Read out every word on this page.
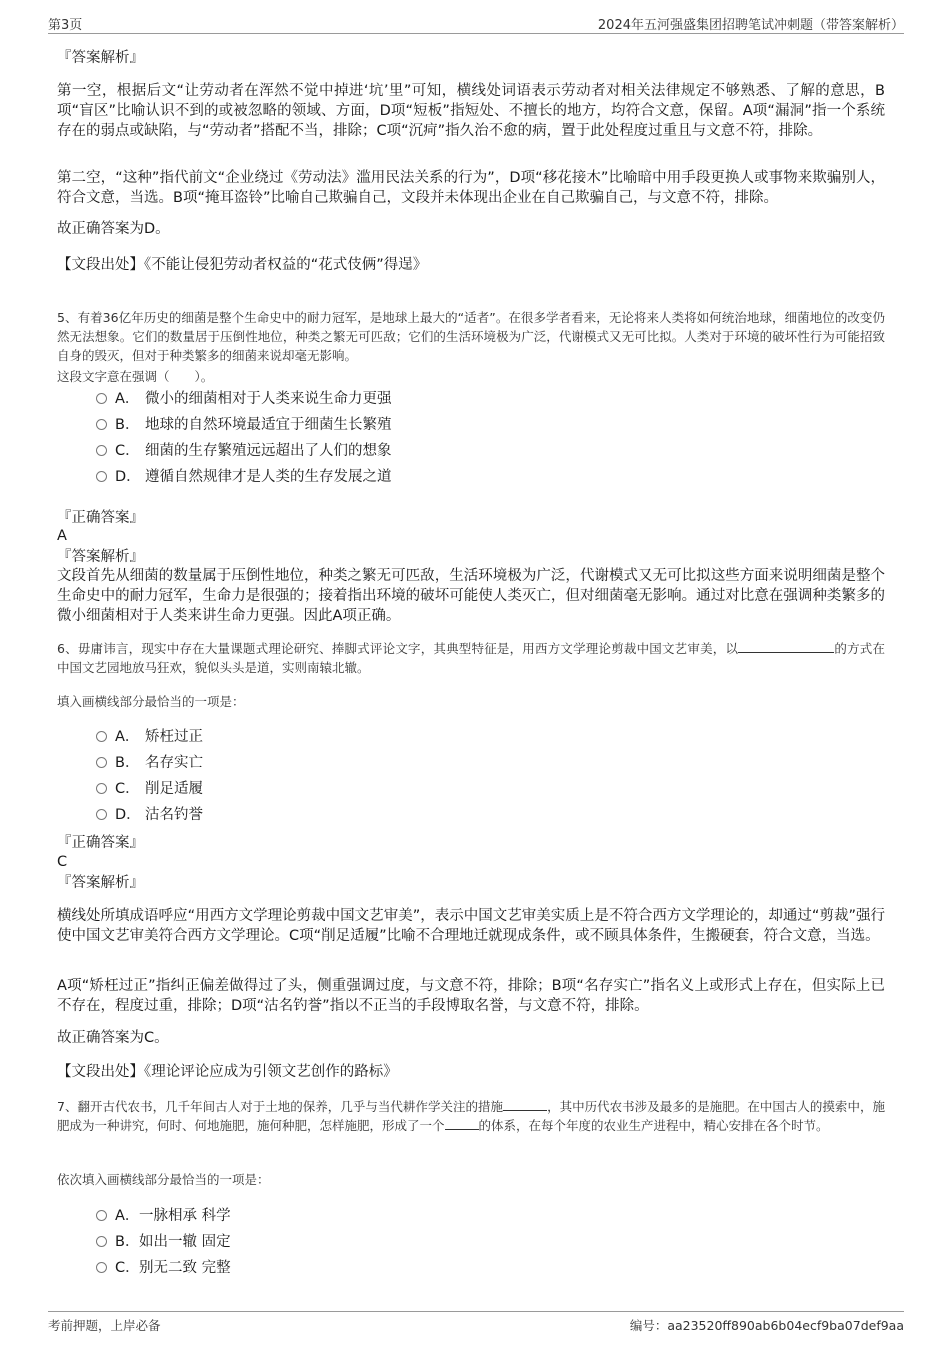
第3页	2024年五河强盛集团招聘笔试冲刺题（带答案解析）
『答案解析』

第一空，根据后文“让劳动者在浑然不觉中掉进‘坑’里”可知，横线处词语表示劳动者对相关法律规定不够熟悉、了解的意思，B项“盲区”比喻认识不到的或被忽略的领域、方面，D项“短板”指短处、不擅长的地方，均符合文意，保留。A项“漏洞”指一个系统存在的弱点或缺陷，与“劳动者”搭配不当，排除；C项“沉疴”指久治不愈的病，置于此处程度过重且与文意不符，排除。

第二空，“这种”指代前文“企业绕过《劳动法》滥用民法关系的行为”，D项“移花接木”比喻暗中用手段更换人或事物来欺骗别人，符合文意，当选。B项“掩耳盗铃”比喻自己欺骗自己，文段并未体现出企业在自己欺骗自己，与文意不符，排除。

故正确答案为D。
【文段出处】《不能让侵犯劳动者权益的“花式伎俩”得逞》

5、有着36亿年历史的细菌是整个生命史中的耐力冠军，是地球上最大的“适者”。在很多学者看来，无论将来人类将如何统治地球，细菌地位的改变仍然无法想象。它们的数量居于压倒性地位，种类之繁无可匹敌；它们的生活环境极为广泛，代谢模式又无可比拟。人类对于环境的破坏性行为可能招致自身的毁灭，但对于种类繁多的细菌来说却毫无影响。

这段文字意在强调（　　）。
A． 微小的细菌相对于人类来说生命力更强
B． 地球的自然环境最适宜于细菌生长繁殖
C． 细菌的生存繁殖远远超出了人们的想象
D． 遵循自然规律才是人类的生存发展之道
『正确答案』
A
『答案解析』

文段首先从细菌的数量属于压倒性地位，种类之繁无可匹敌，生活环境极为广泛，代谢模式又无可比拟这些方面来说明细菌是整个生命史中的耐力冠军，生命力是很强的；接着指出环境的破坏可能使人类灭亡，但对细菌毫无影响。通过对比意在强调种类繁多的微小细菌相对于人类来讲生命力更强。因此A项正确。

6、毋庸讳言，现实中存在大量课题式理论研究、捧脚式评论文字，其典型特征是，用西方文学理论剪裁中国文艺审美，以	的方式在中国文艺园地放马狂欢，貌似头头是道，实则南辕北辙。

填入画横线部分最恰当的一项是：
A． 矫枉过正
B． 名存实亡
C． 削足适履
D． 沽名钓誉
『正确答案』
C
『答案解析』

横线处所填成语呼应“用西方文学理论剪裁中国文艺审美”，表示中国文艺审美实质上是不符合西方文学理论的，却通过“剪裁”强行使中国文艺审美符合西方文学理论。C项“削足适履”比喻不合理地迁就现成条件，或不顾具体条件，生搬硬套，符合文意，当选。

A项“矫枉过正”指纠正偏差做得过了头，侧重强调过度，与文意不符，排除；B项“名存实亡”指名义上或形式上存在，但实际上已不存在，程度过重，排除；D项“沽名钓誉”指以不正当的手段博取名誉，与文意不符，排除。

故正确答案为C。
【文段出处】《理论评论应成为引领文艺创作的路标》

7、翻开古代农书，几千年间古人对于土地的保养，几乎与当代耕作学关注的措施	，其中历代农书涉及最多的是施肥。在中国古人的摸索中，施肥成为一种讲究，何时、何地施肥，施何种肥，怎样施肥，形成了一个	的体系，在每个年度的农业生产进程中，精心安排在各个时节。

依次填入画横线部分最恰当的一项是：
A．一脉相承 科学
B．如出一辙 固定
C．别无二致 完整
考前押题，上岸必备	编号：aa23520ff890ab6b04ecf9ba07def9aa
